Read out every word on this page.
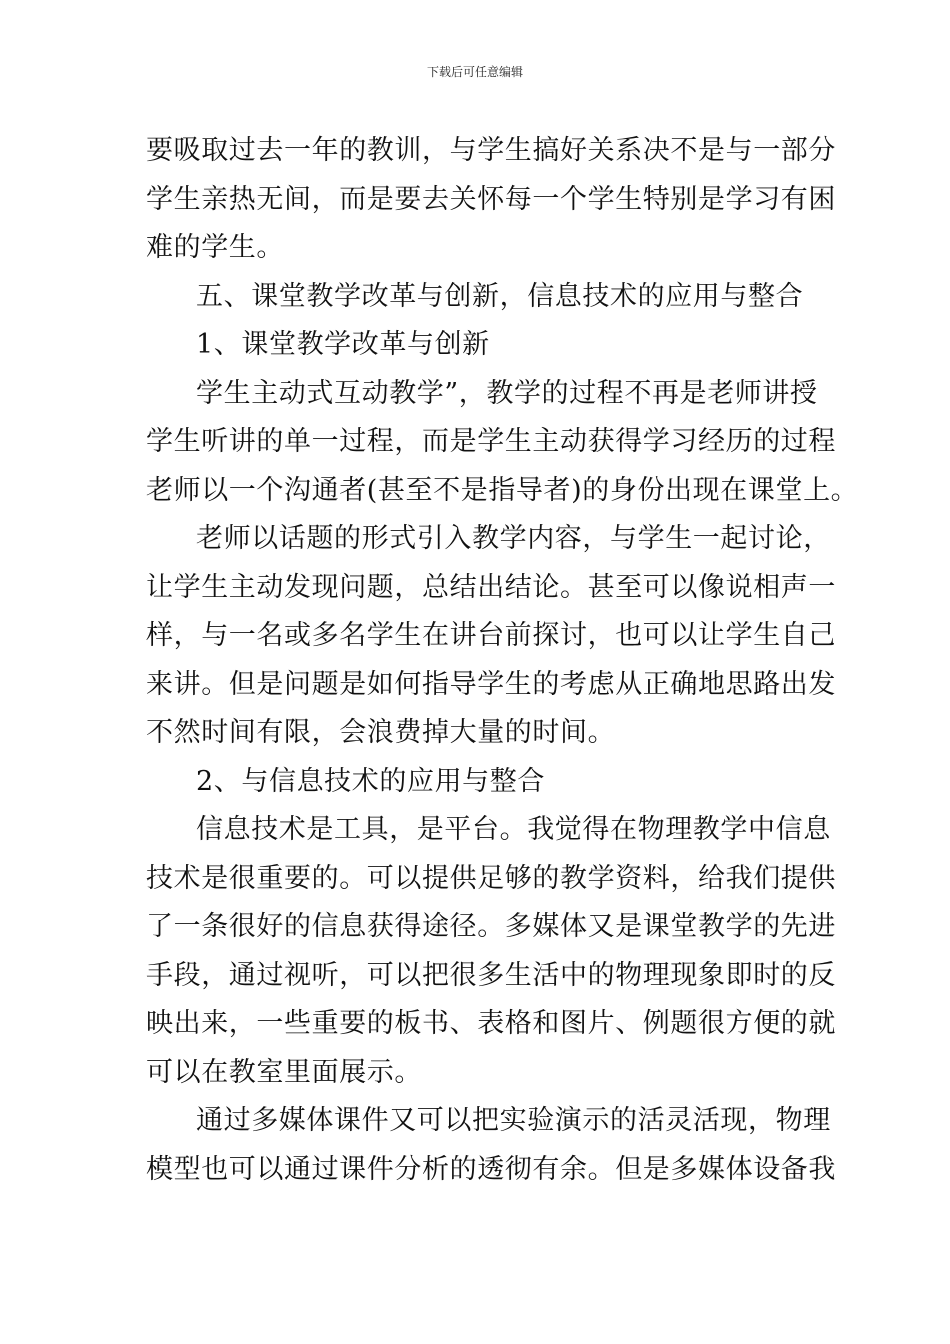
下载后可任意编辑
要吸取过去一年的教训，与学生搞好关系决不是与一部分
学生亲热无间，而是要去关怀每一个学生特别是学习有困
难的学生。
五、课堂教学改革与创新，信息技术的应用与整合
1、课堂教学改革与创新
学生主动式互动教学”，教学的过程不再是老师讲授
学生听讲的单一过程，而是学生主动获得学习经历的过程
老师以一个沟通者(甚至不是指导者)的身份出现在课堂上。
老师以话题的形式引入教学内容，与学生一起讨论，
让学生主动发现问题，总结出结论。甚至可以像说相声一
样，与一名或多名学生在讲台前探讨，也可以让学生自己
来讲。但是问题是如何指导学生的考虑从正确地思路出发
不然时间有限，会浪费掉大量的时间。
2、与信息技术的应用与整合
信息技术是工具，是平台。我觉得在物理教学中信息
技术是很重要的。可以提供足够的教学资料，给我们提供
了一条很好的信息获得途径。多媒体又是课堂教学的先进
手段，通过视听，可以把很多生活中的物理现象即时的反
映出来，一些重要的板书、表格和图片、例题很方便的就
可以在教室里面展示。
通过多媒体课件又可以把实验演示的活灵活现，物理
模型也可以通过课件分析的透彻有余。但是多媒体设备我
